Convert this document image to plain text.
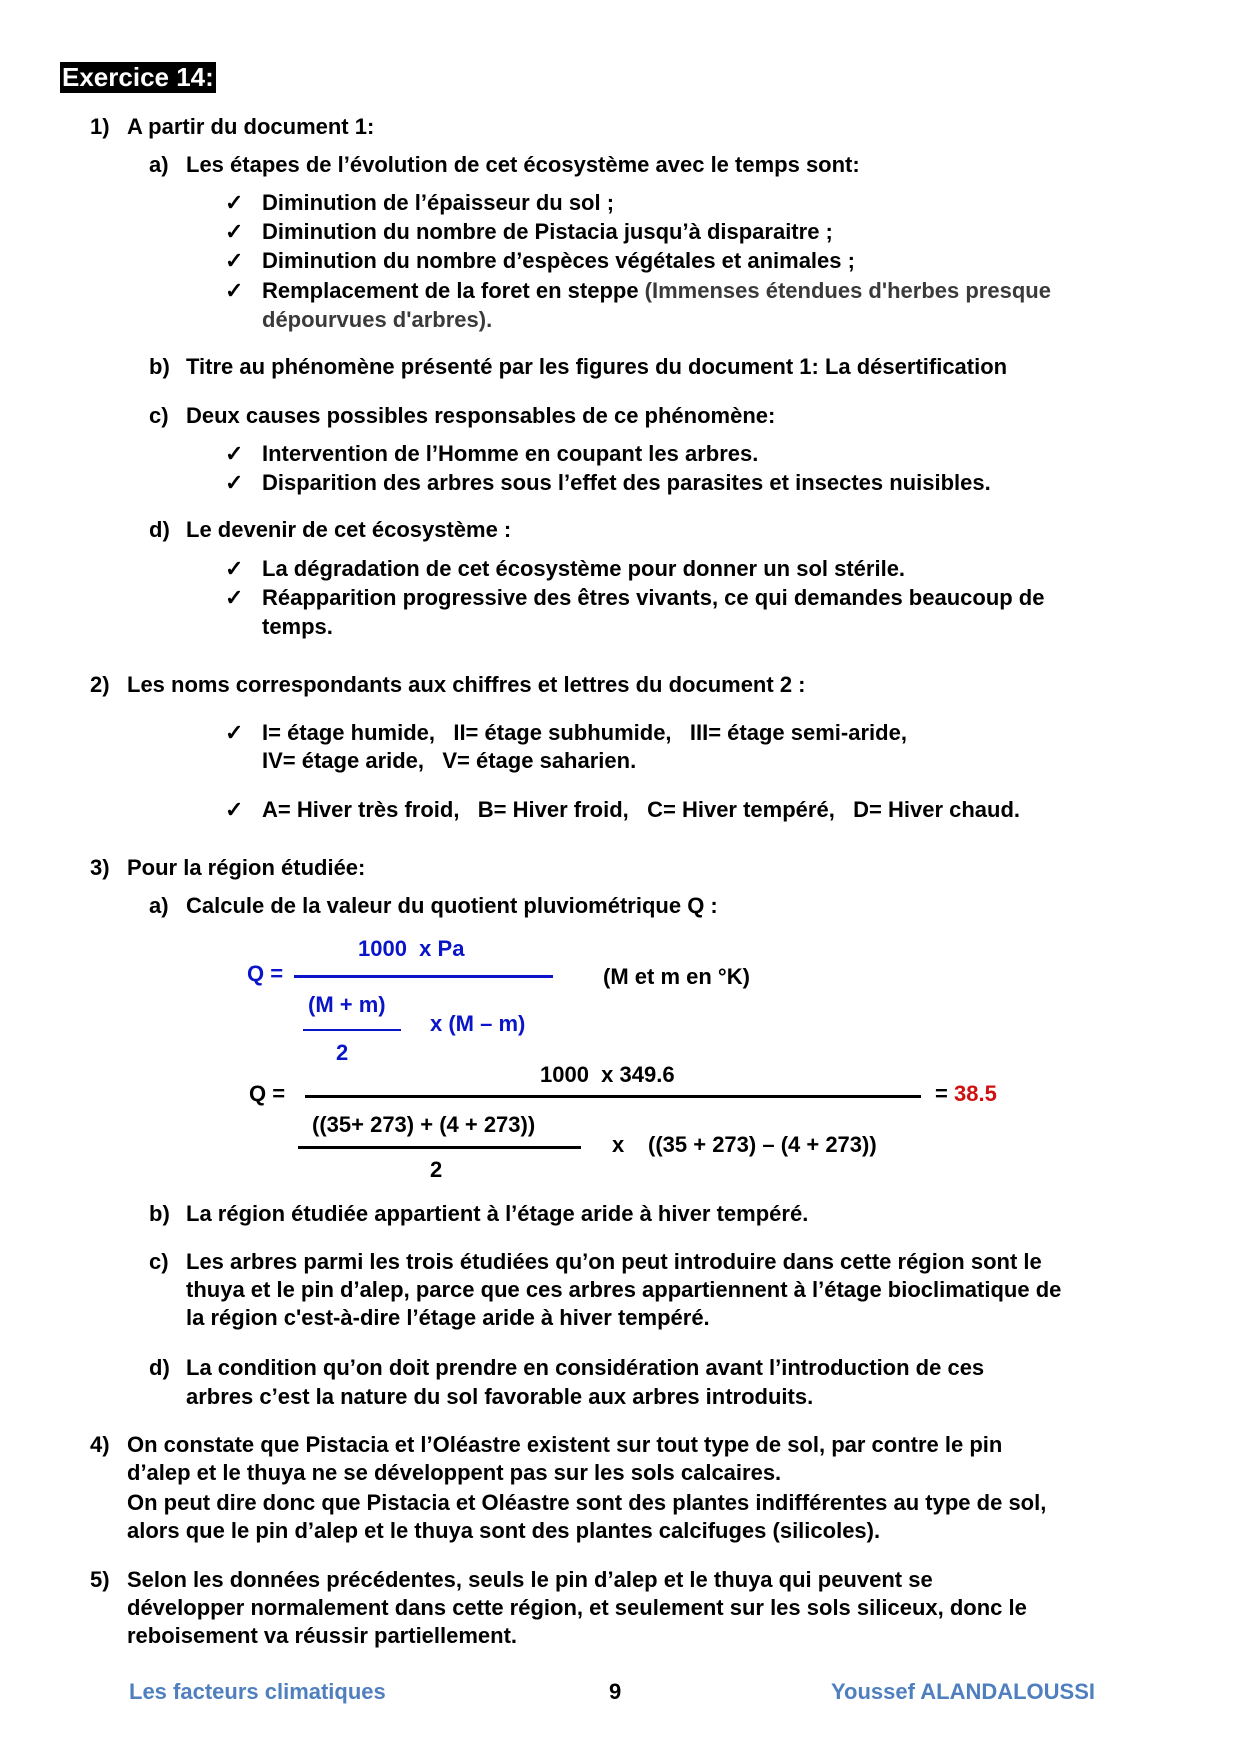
Exercice 14:
1) A partir du document 1:
a) Les étapes de l’évolution de cet écosystème avec le temps sont:
✓ Diminution de l’épaisseur du sol ;
✓ Diminution du nombre de Pistacia jusqu’à disparaitre ;
✓ Diminution du nombre d’espèces végétales et animales ;
✓ Remplacement de la foret en steppe (Immenses étendues d'herbes presque
dépourvues d'arbres).
b) Titre au phénomène présenté par les figures du document 1: La désertification
c) Deux causes possibles responsables de ce phénomène:
✓ Intervention de l’Homme en coupant les arbres.
✓ Disparition des arbres sous l’effet des parasites et insectes nuisibles.
d) Le devenir de cet écosystème :
✓ La dégradation de cet écosystème pour donner un sol stérile.
✓ Réapparition progressive des êtres vivants, ce qui demandes beaucoup de
temps.
2) Les noms correspondants aux chiffres et lettres du document 2 :
✓ I= étage humide,   II= étage subhumide,   III= étage semi-aride,
IV= étage aride,   V= étage saharien.
✓ A= Hiver très froid,   B= Hiver froid,   C= Hiver tempéré,   D= Hiver chaud.
3) Pour la région étudiée:
a) Calcule de la valeur du quotient pluviométrique Q :
Q =
1000  x Pa
(M et m en °K)
(M + m)
x (M – m)
2
Q =
1000  x 349.6
= 38.5
((35+ 273) + (4 + 273))
x ((35 + 273) – (4 + 273))
2
b) La région étudiée appartient à l’étage aride à hiver tempéré.
c) Les arbres parmi les trois étudiées qu’on peut introduire dans cette région sont le
thuya et le pin d’alep, parce que ces arbres appartiennent à l’étage bioclimatique de
la région c'est-à-dire l’étage aride à hiver tempéré.
d) La condition qu’on doit prendre en considération avant l’introduction de ces
arbres c’est la nature du sol favorable aux arbres introduits.
4) On constate que Pistacia et l’Oléastre existent sur tout type de sol, par contre le pin
d’alep et le thuya ne se développent pas sur les sols calcaires.
On peut dire donc que Pistacia et Oléastre sont des plantes indifférentes au type de sol,
alors que le pin d’alep et le thuya sont des plantes calcifuges (silicoles).
5) Selon les données précédentes, seuls le pin d’alep et le thuya qui peuvent se
développer normalement dans cette région, et seulement sur les sols siliceux, donc le
reboisement va réussir partiellement.
Les facteurs climatiques	9	Youssef ALANDALOUSSI
